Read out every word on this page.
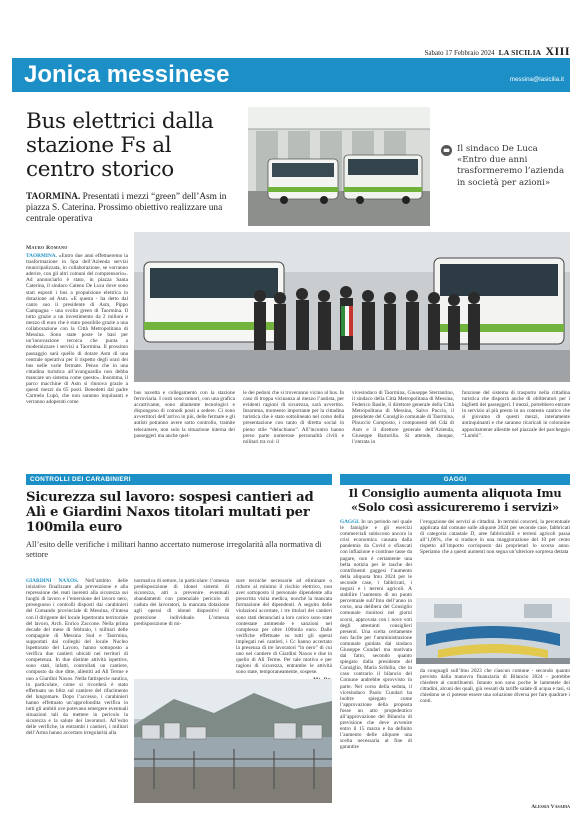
Sabato 17 Febbraio 2024 LA SICILIA XIII
Jonica messinese	messina@lasicilia.it
Bus elettrici dalla stazione Fs al centro storico

TAORMINA. Presentati i mezzi “green” dell’Asm in piazza S. Caterina. Prossimo obiettivo realizzare una centrale operativa

Mauro Romano
Il sindaco De Luca «Entro due anni trasformeremo l’azienda in società per azioni»
TAORMINA. «Entro due anni effettueremo la trasformazione in Spa dell’Azienda servizi municipalizzata, in collaborazione, se vorranno aderire, con gli altri comuni del comprensorio». Ad annunciarlo è stato, in piazza Santa Caterina, il sindaco Cateno De Luca dove sono stati esposti i bus a propulsione elettrica in dotazione ad Asm. «E questa - ha detto dal canto suo il presidente di Asm, Pippo Campagna - una svolta green di Taormina. Il tutto grazie a un investimento da 2 milioni e mezzo di euro che è stato possibile grazie a una collaborazione con la Città Metropolitana di Messina. Sono state poste le basi per un’innovazione tecnica che punta a modernizzare i servizi a Taormina. Il prossimo passaggio sarà quello di dotare Asm di una centrale operativa per il rispetto degli orari dei bus nelle varie fermate. Penso che in una cittadina turistica all’avanguardia non debba mancare un sistema come questo». Insomma, il parco macchine di Asm si rinnova grazie a questi mezzi da 65 posti. Benedetti dal padre Carmelo Lupò, che non saranno inquinanti e verranno adoperati come
bus navetta e collegamento con la stazione ferroviaria. I costi sono minori, con una grafica accattivante, sono altamente tecnologici e dispongono di comodi posti a sedere. Ci sono avvertitori dell’arrivo in più, delle fermate e gli autisti potranno avere sotto controllo, tramite telecamere, non solo la situazione interna dei passeggeri ma anche quel-
le dei pedoni che si troveranno vicino al bus. In caso di troppa vicinanza al mezzo l’autista, per evidenti ragioni di sicurezza, sarà avvertito. Insomma, momento importante per la cittadina turistica che è stato sottolineato nel corso della presentazione con tanto di diretta social in pieno stile “deluchiano”. All’incontro hanno preso parte numerose personalità civili e militari tra cui: il
vicesindaco di Taormina, Giuseppe Sterrantino, il sindaco della Città Metropolitana di Messina, Federico Basile, il direttore generale della Città Metropolitana di Messina, Salvo Puccio, il presidente del Consiglio comunale di Taormina, Pinuccio Composto, i componenti del Cda di Asm e il direttore generale dell’Azienda, Giuseppe Bartorilla. Si attende, dunque, l’entrata in
funzione del sistema di trasporto nella cittadina turistica che disporrà anche di obliteratori per i biglietti dei passeggeri. I mezzi, potrebbero entrare in servizio al più presto in un contesto cantico che sì giovamo di questi mezzi, interamente antinquinanti e che saranno ricaricati in colonnine appositamente allestite nel piazzale del parcheggio “Lumbi”.
CONTROLLI DEI CARABINIERI
Sicurezza sul lavoro: sospesi cantieri ad Alì e Giardini Naxos titolari multati per 100mila euro

All’esito delle verifiche i militari hanno accertato numerose irregolarità alla normativa di settore

GIARDINI NAXOS. Nell’ambito delle iniziative finalizzate alla prevenzione e alla repressione dei reati inerenti alla sicurezza sui luoghi di lavoro e l’emersione del lavoro nero, proseguono i controlli disposti dai carabinieri del Comando provinciale di Messina, d’intesa con il dirigente del locale Ispettorato territoriale del lavoro, Arch. Enrico Zaccone. Nella prima decade del mese di febbraio, i militari delle compagnie di Messina Sud e Taormina, supportati dai colleghi del locale Nucleo Ispettorato del Lavoro, hanno sottoposto a verifica due cantieri ubicati nei territori di competenza. In due distinte attività ispettive, sono stati, infatti, controllati un cantiere, composto da due ditte, allestiti ad Alì Terme e uno a Giardini Naxos. Nella fattispecie nautica, in particolare, come si ricorderà è stato effettuato un blitz sul cantiere del rifacimento del lungomare. Dopo l’accesso, i carabinieri hanno effettuato un’approfondita verifica in tutti gli ambiti ove potevano emergere eventuali situazioni tali da mettere in pericolo la sicurezza e la salute dei lavoratori. All’esito delle verifiche, in entrambi i cantieri, i militari dell’Arma hanno accertato irregolarità alla
normativa di settore, in particolare: l’omessa predisposizione di idonei sistemi di sicurezza, atti a prevenire eventuali sbandamenti con potenziale pericolo di caduta dei lavoratori, la mancata dotazione agli operai di idonei dispositivi di protezione individuale. L’omessa predisposizione di mi-
sure tecniche necessarie ad eliminare o ridurre al minimo il rischio elettrico, non aver sottoposto il personale dipendente alla prescritta visita medica, nonché la mancata formazione dei dipendenti. A seguito delle violazioni accertate, i tre titolari dei cantieri sono stati denunciati a loro carico sono state contestate ammende e sanzioni nel complesso per oltre 100mila euro. Dalle verifiche effettuate su tutti gli operai impiegati nei cantieri, i Cc hanno accertato la presenza di tre lavoratori “in nero” di cui uno nel cantiere di Giardini Naxos e due in quello di Alì Terme. Per tale motivo e per ragioni di sicurezza, entrambe le attività sono state, temporaneamente, sospese.
GAGGI
Il Consiglio aumenta aliquota Imu «Solo così assicureremo i servizi»
GAGGI. In un periodo nel quale le famiglie e gli esercizi commerciali subiscono ancora la crisi economica causata dalla pandemia da Covid e sfiancati con inflazione e continue tasse da pagare, non è certamente una bella notizia per le tasche dei contribuenti gaggesi l’aumento della aliquota Imu 2024 per le seconde case, i fabbricati, i negozi e i terreni agricoli. A stabilire l’aumento di un punto percentuale sull’Imu dell’anno in corso, una delibera del Consiglio comunale riunitosi nei giorni scorsi, approvata con i nove voti degli attestanti consiglieri presenti. Una scelta certamente non facile per l’amministrazione comunale guidata dal sindaco Giuseppe Cundari ma motivata dal fatto, secondo quanto spiegato dalla presidente del Consiglio, Maria Scibilia, che in caso contrario il bilancio del Comune andrebbe sprovvisto in parte. Nel corso della seduta, il vicesindaco Paolo Cundari ha inoltre spiegato come l’approvazione della proposta fosse un atto propedeutico all’approvazione del Bilancio di previsione che deve avvenire entro il 15 marzo e ha definito l’aumento delle aliquote una scelta necessaria al fine di garantire
l’erogazione dei servizi ai cittadini. In termini concreti, la percentuale applicata dal comune sulle aliquote 2024 per seconde case, fabbricati di categoria catastale D, aree fabbricabili e terreni agricoli passa all’1,06%, che si traduce in una maggiorazione del 10 per cento rispetto all’importo corrisposto dai proprietari lo scorso anno. Speriamo che a questi aumenti non segua un’ulteriore sorpresa dettata
da conguagli sull’Imu 2023 che ciascun comune - secondo quanto previsto dalla manovra finanziaria di Bilancio 2024 - potrebbe chiedere ai contribuenti. Intanto non sono poche le lamentele dei cittadini, alcuni dei quali, già vessati da tariffe salate di acqua e tasi, si chiedono se ci potesse essere una soluzione diversa per fare quadrare i conti.
Alessia Vasadia
